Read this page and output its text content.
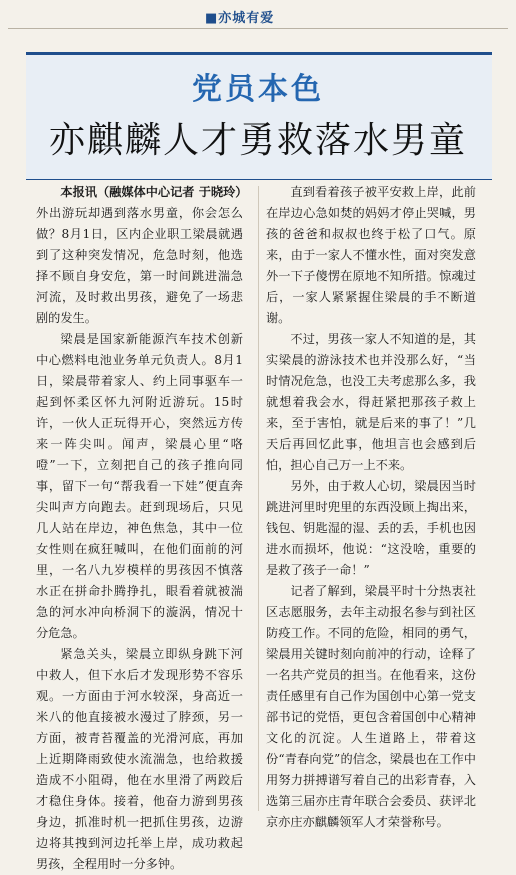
■亦城有爱
党员本色
亦麒麟人才勇救落水男童

本报讯（融媒体中心记者 于晓玲）外出游玩却遇到落水男童，你会怎么做？8月1日，区内企业职工梁晨就遇到了这种突发情况，危急时刻，他选择不顾自身安危，第一时间跳进湍急河流，及时救出男孩，避免了一场悲剧的发生。

梁晨是国家新能源汽车技术创新中心燃料电池业务单元负责人。8月1日，梁晨带着家人、约上同事驱车一起到怀柔区怀九河附近游玩。15时许，一伙人正玩得开心，突然远方传来一阵尖叫。闻声，梁晨心里“咯噔”一下，立刻把自己的孩子推向同事，留下一句“帮我看一下娃”便直奔尖叫声方向跑去。赶到现场后，只见几人站在岸边，神色焦急，其中一位女性则在疯狂喊叫，在他们面前的河里，一名八九岁模样的男孩因不慎落水正在拼命扑腾挣扎，眼看着就被湍急的河水冲向桥洞下的漩涡，情况十分危急。

紧急关头，梁晨立即纵身跳下河中救人，但下水后才发现形势不容乐观。一方面由于河水较深，身高近一米八的他直接被水漫过了脖颈，另一方面，被青苔覆盖的光滑河底，再加上近期降雨致使水流湍急，也给救援造成不小阻碍，他在水里滑了两跤后才稳住身体。接着，他奋力游到男孩身边，抓准时机一把抓住男孩，边游边将其拽到河边托举上岸，成功救起男孩，全程用时一分多钟。

直到看着孩子被平安救上岸，此前在岸边心急如焚的妈妈才停止哭喊，男孩的爸爸和叔叔也终于松了口气。原来，由于一家人不懂水性，面对突发意外一下子傻愣在原地不知所措。惊魂过后，一家人紧紧握住梁晨的手不断道谢。

不过，男孩一家人不知道的是，其实梁晨的游泳技术也并没那么好，“当时情况危急，也没工夫考虑那么多，我就想着我会水，得赶紧把那孩子救上来，至于害怕，就是后来的事了！”几天后再回忆此事，他坦言也会感到后怕，担心自己万一上不来。

另外，由于救人心切，梁晨因当时跳进河里时兜里的东西没顾上掏出来，钱包、钥匙湿的湿、丢的丢，手机也因进水而损坏，他说：“这没啥，重要的是救了孩子一命！”

记者了解到，梁晨平时十分热衷社区志愿服务，去年主动报名参与到社区防疫工作。不同的危险，相同的勇气，梁晨用关键时刻向前冲的行动，诠释了一名共产党员的担当。在他看来，这份责任感里有自己作为国创中心第一党支部书记的党悟，更包含着国创中心精神文化的沉淀。人生道路上，带着这份“青春向党”的信念，梁晨也在工作中用努力拼搏谱写着自己的出彩青春，入选第三届亦庄青年联合会委员、获评北京亦庄亦麒麟领军人才荣誉称号。
